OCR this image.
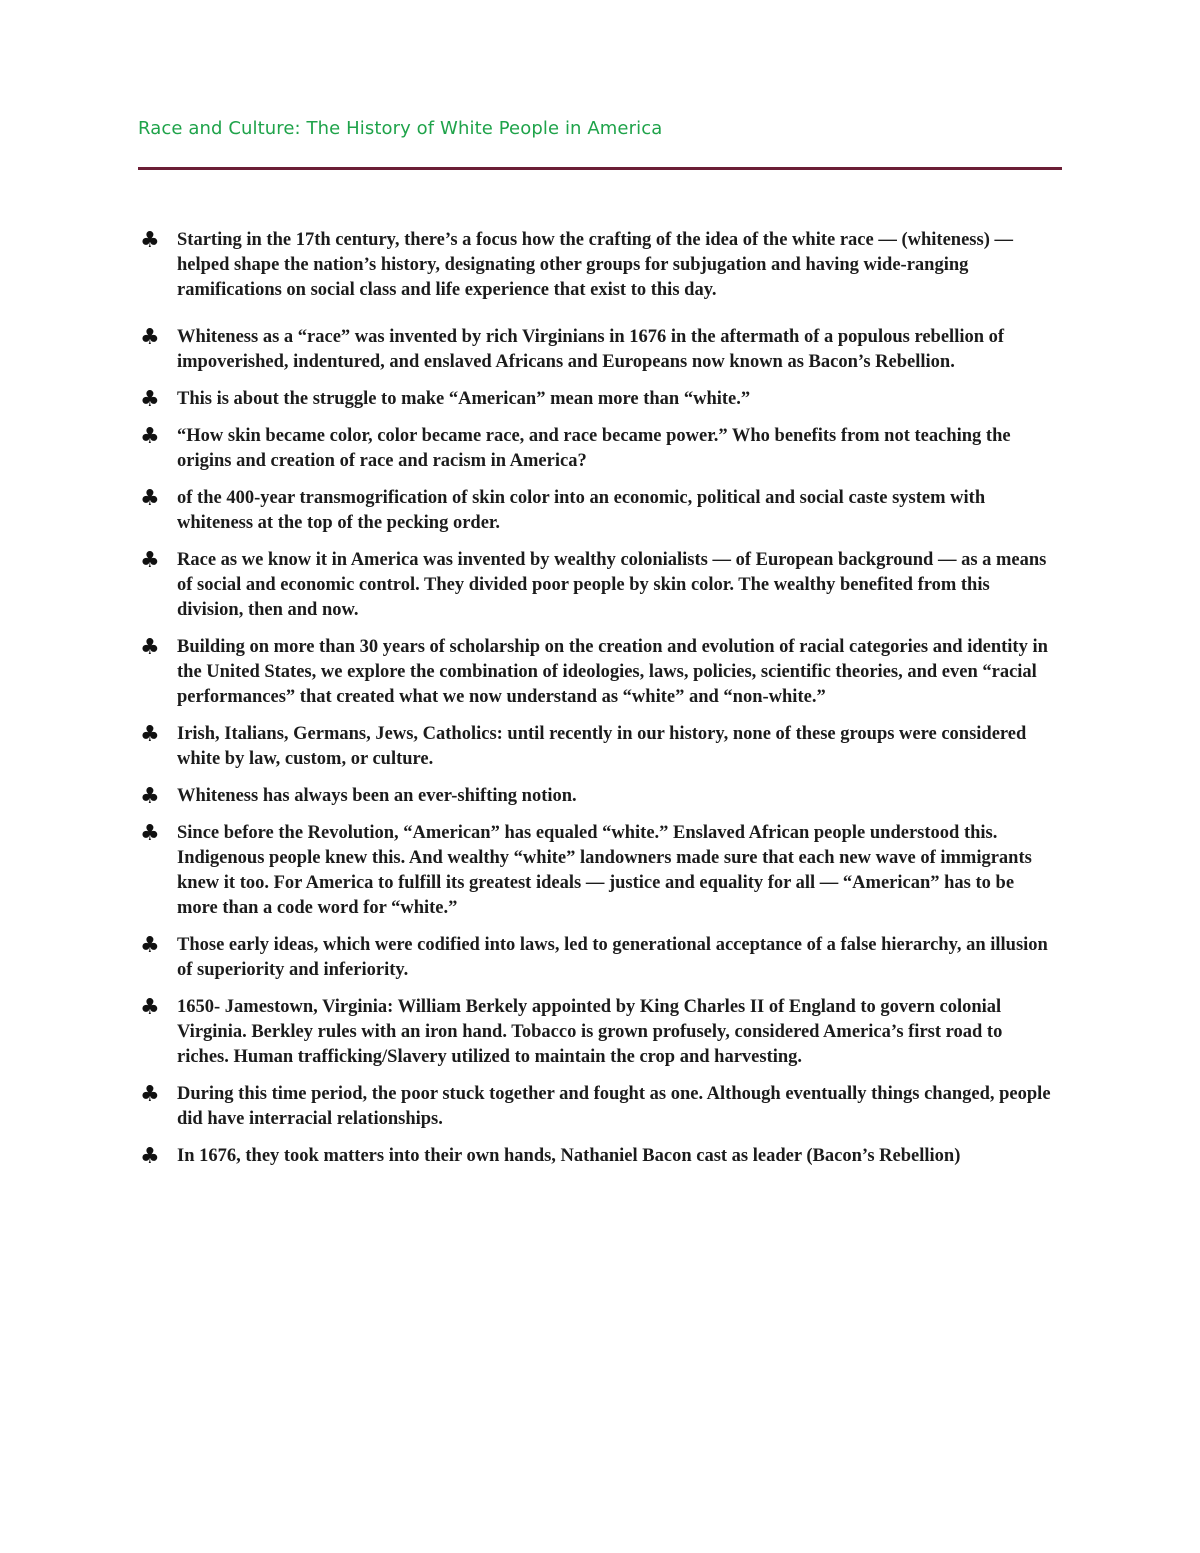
Race and Culture: The History of White People in America
♣ Starting in the 17th century, there’s a focus how the crafting of the idea of the white race — (whiteness) — helped shape the nation’s history, designating other groups for subjugation and having wide-ranging ramifications on social class and life experience that exist to this day.
♣ Whiteness as a “race” was invented by rich Virginians in 1676 in the aftermath of a populous rebellion of impoverished, indentured, and enslaved Africans and Europeans now known as Bacon’s Rebellion.
♣ This is about the struggle to make “American” mean more than “white.”
♣ “How skin became color, color became race, and race became power.” Who benefits from not teaching the origins and creation of race and racism in America?
♣ of the 400-year transmogrification of skin color into an economic, political and social caste system with whiteness at the top of the pecking order.
♣ Race as we know it in America was invented by wealthy colonialists — of European background — as a means of social and economic control. They divided poor people by skin color. The wealthy benefited from this division, then and now.
♣ Building on more than 30 years of scholarship on the creation and evolution of racial categories and identity in the United States, we explore the combination of ideologies, laws, policies, scientific theories, and even “racial performances” that created what we now understand as “white” and “non-white.”
♣ Irish, Italians, Germans, Jews, Catholics: until recently in our history, none of these groups were considered white by law, custom, or culture.
♣ Whiteness has always been an ever-shifting notion.
♣ Since before the Revolution, “American” has equaled “white.” Enslaved African people understood this. Indigenous people knew this. And wealthy “white” landowners made sure that each new wave of immigrants knew it too. For America to fulfill its greatest ideals — justice and equality for all — “American” has to be more than a code word for “white.”
♣ Those early ideas, which were codified into laws, led to generational acceptance of a false hierarchy, an illusion of superiority and inferiority.
♣ 1650- Jamestown, Virginia: William Berkely appointed by King Charles II of England to govern colonial Virginia. Berkley rules with an iron hand. Tobacco is grown profusely, considered America’s first road to riches. Human trafficking/Slavery utilized to maintain the crop and harvesting.
♣ During this time period, the poor stuck together and fought as one. Although eventually things changed, people did have interracial relationships.
♣ In 1676, they took matters into their own hands, Nathaniel Bacon cast as leader (Bacon’s Rebellion)
